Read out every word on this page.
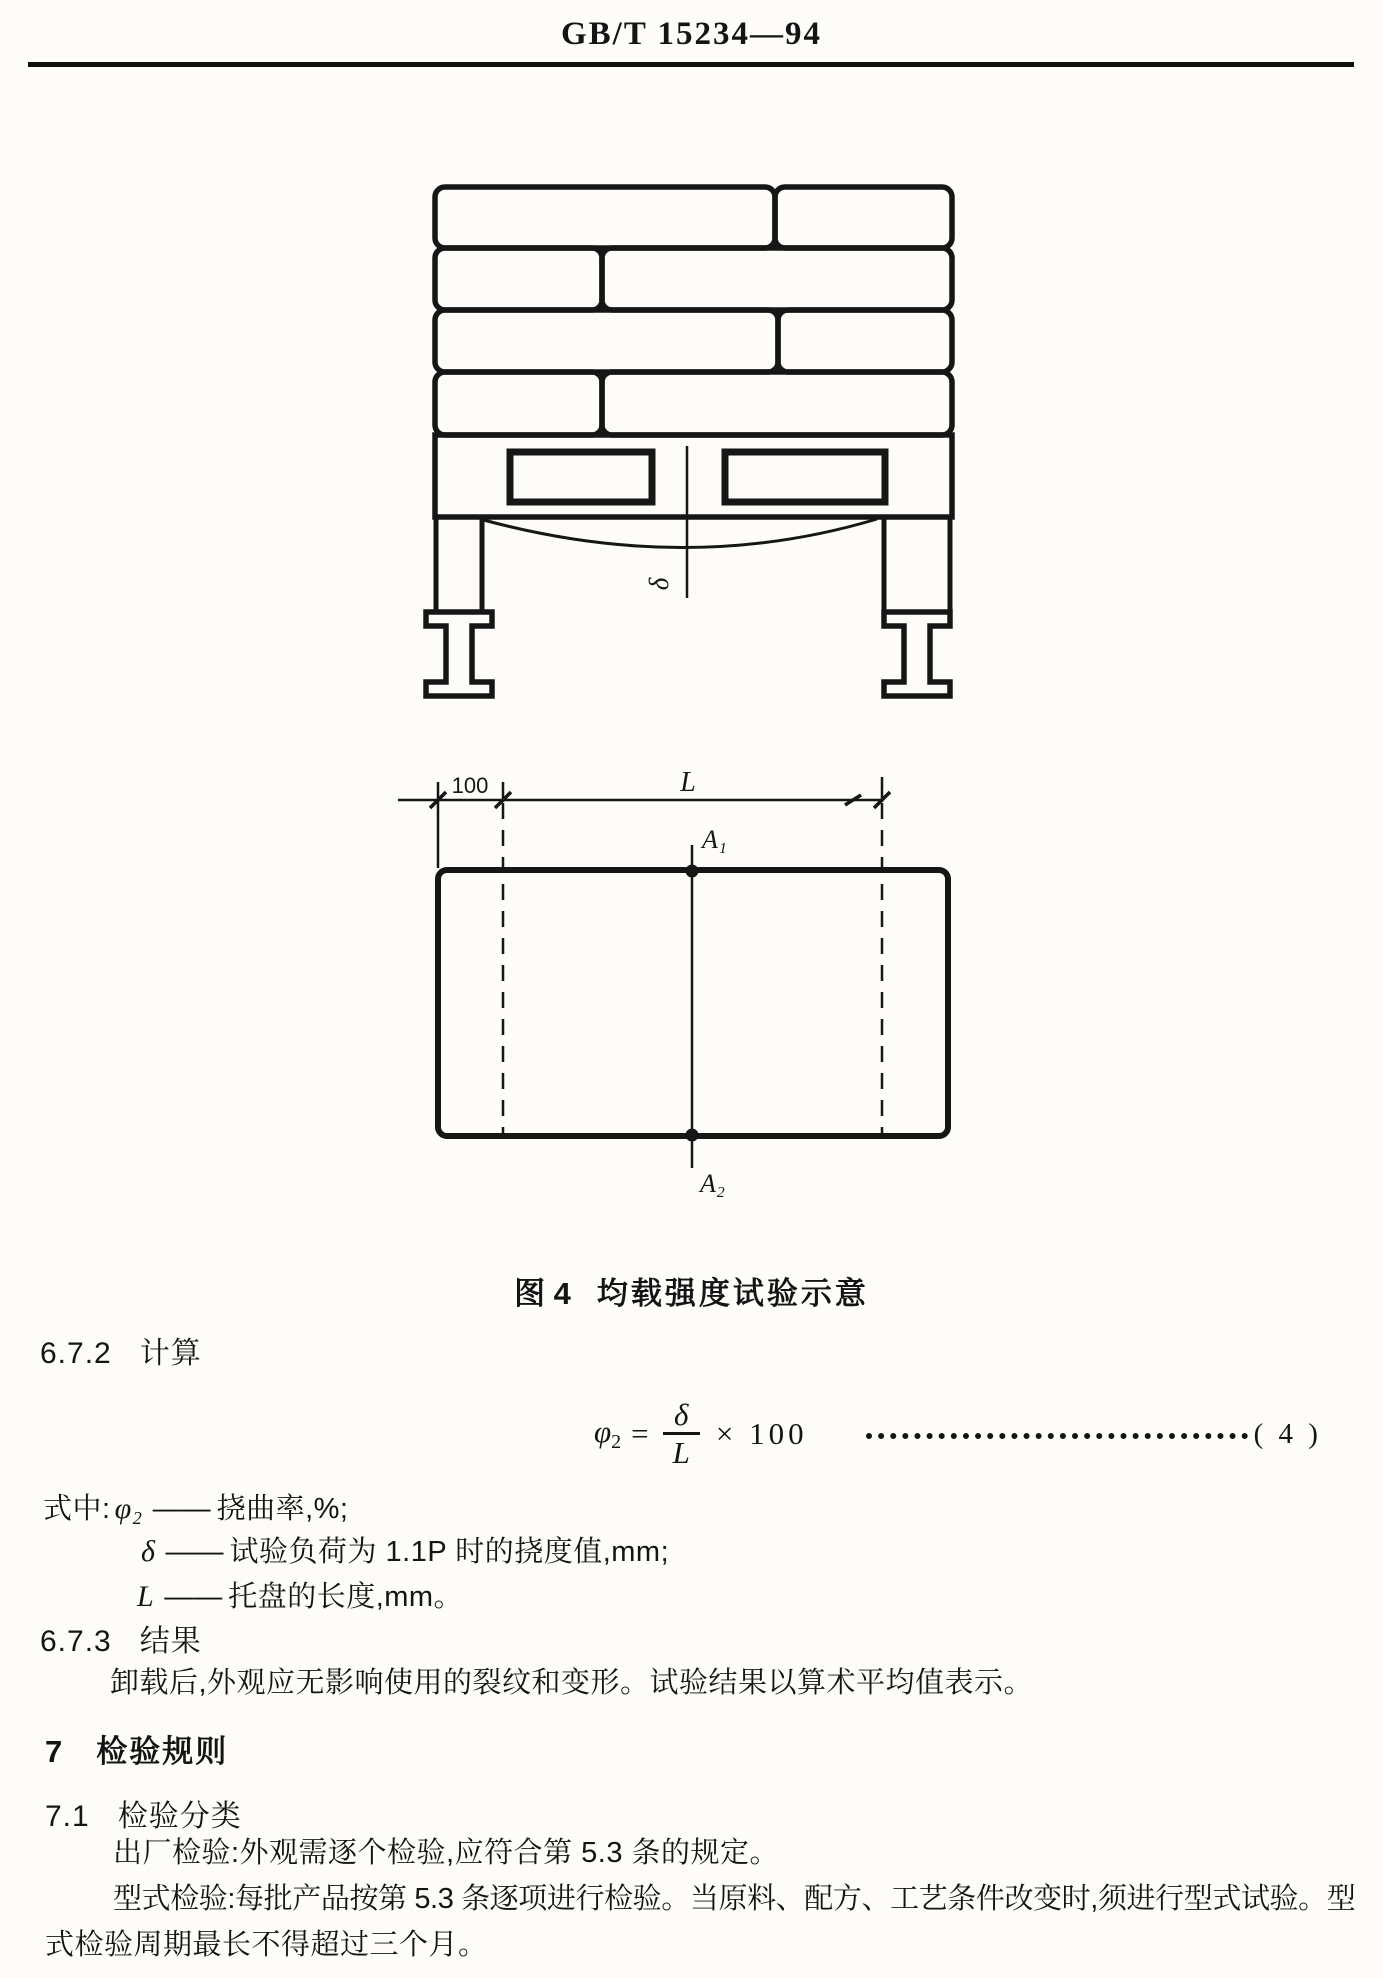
GB/T 15234—94
δ
100	L
A₁
A₂
图 4 均载强度试验示意
6.7.2 计算
$\varphi_2 = \frac{\delta}{L} \times 100$	( 4 )
式中: φ₂ —— 挠曲率,%;
δ —— 试验负荷为 1.1P 时的挠度值,mm;
L —— 托盘的长度,mm。
6.7.3 结果
卸载后,外观应无影响使用的裂纹和变形。试验结果以算术平均值表示。
7 检验规则
7.1 检验分类
出厂检验:外观需逐个检验,应符合第 5.3 条的规定。
型式检验:每批产品按第 5.3 条逐项进行检验。当原料、配方、工艺条件改变时,须进行型式试验。型
式检验周期最长不得超过三个月。
